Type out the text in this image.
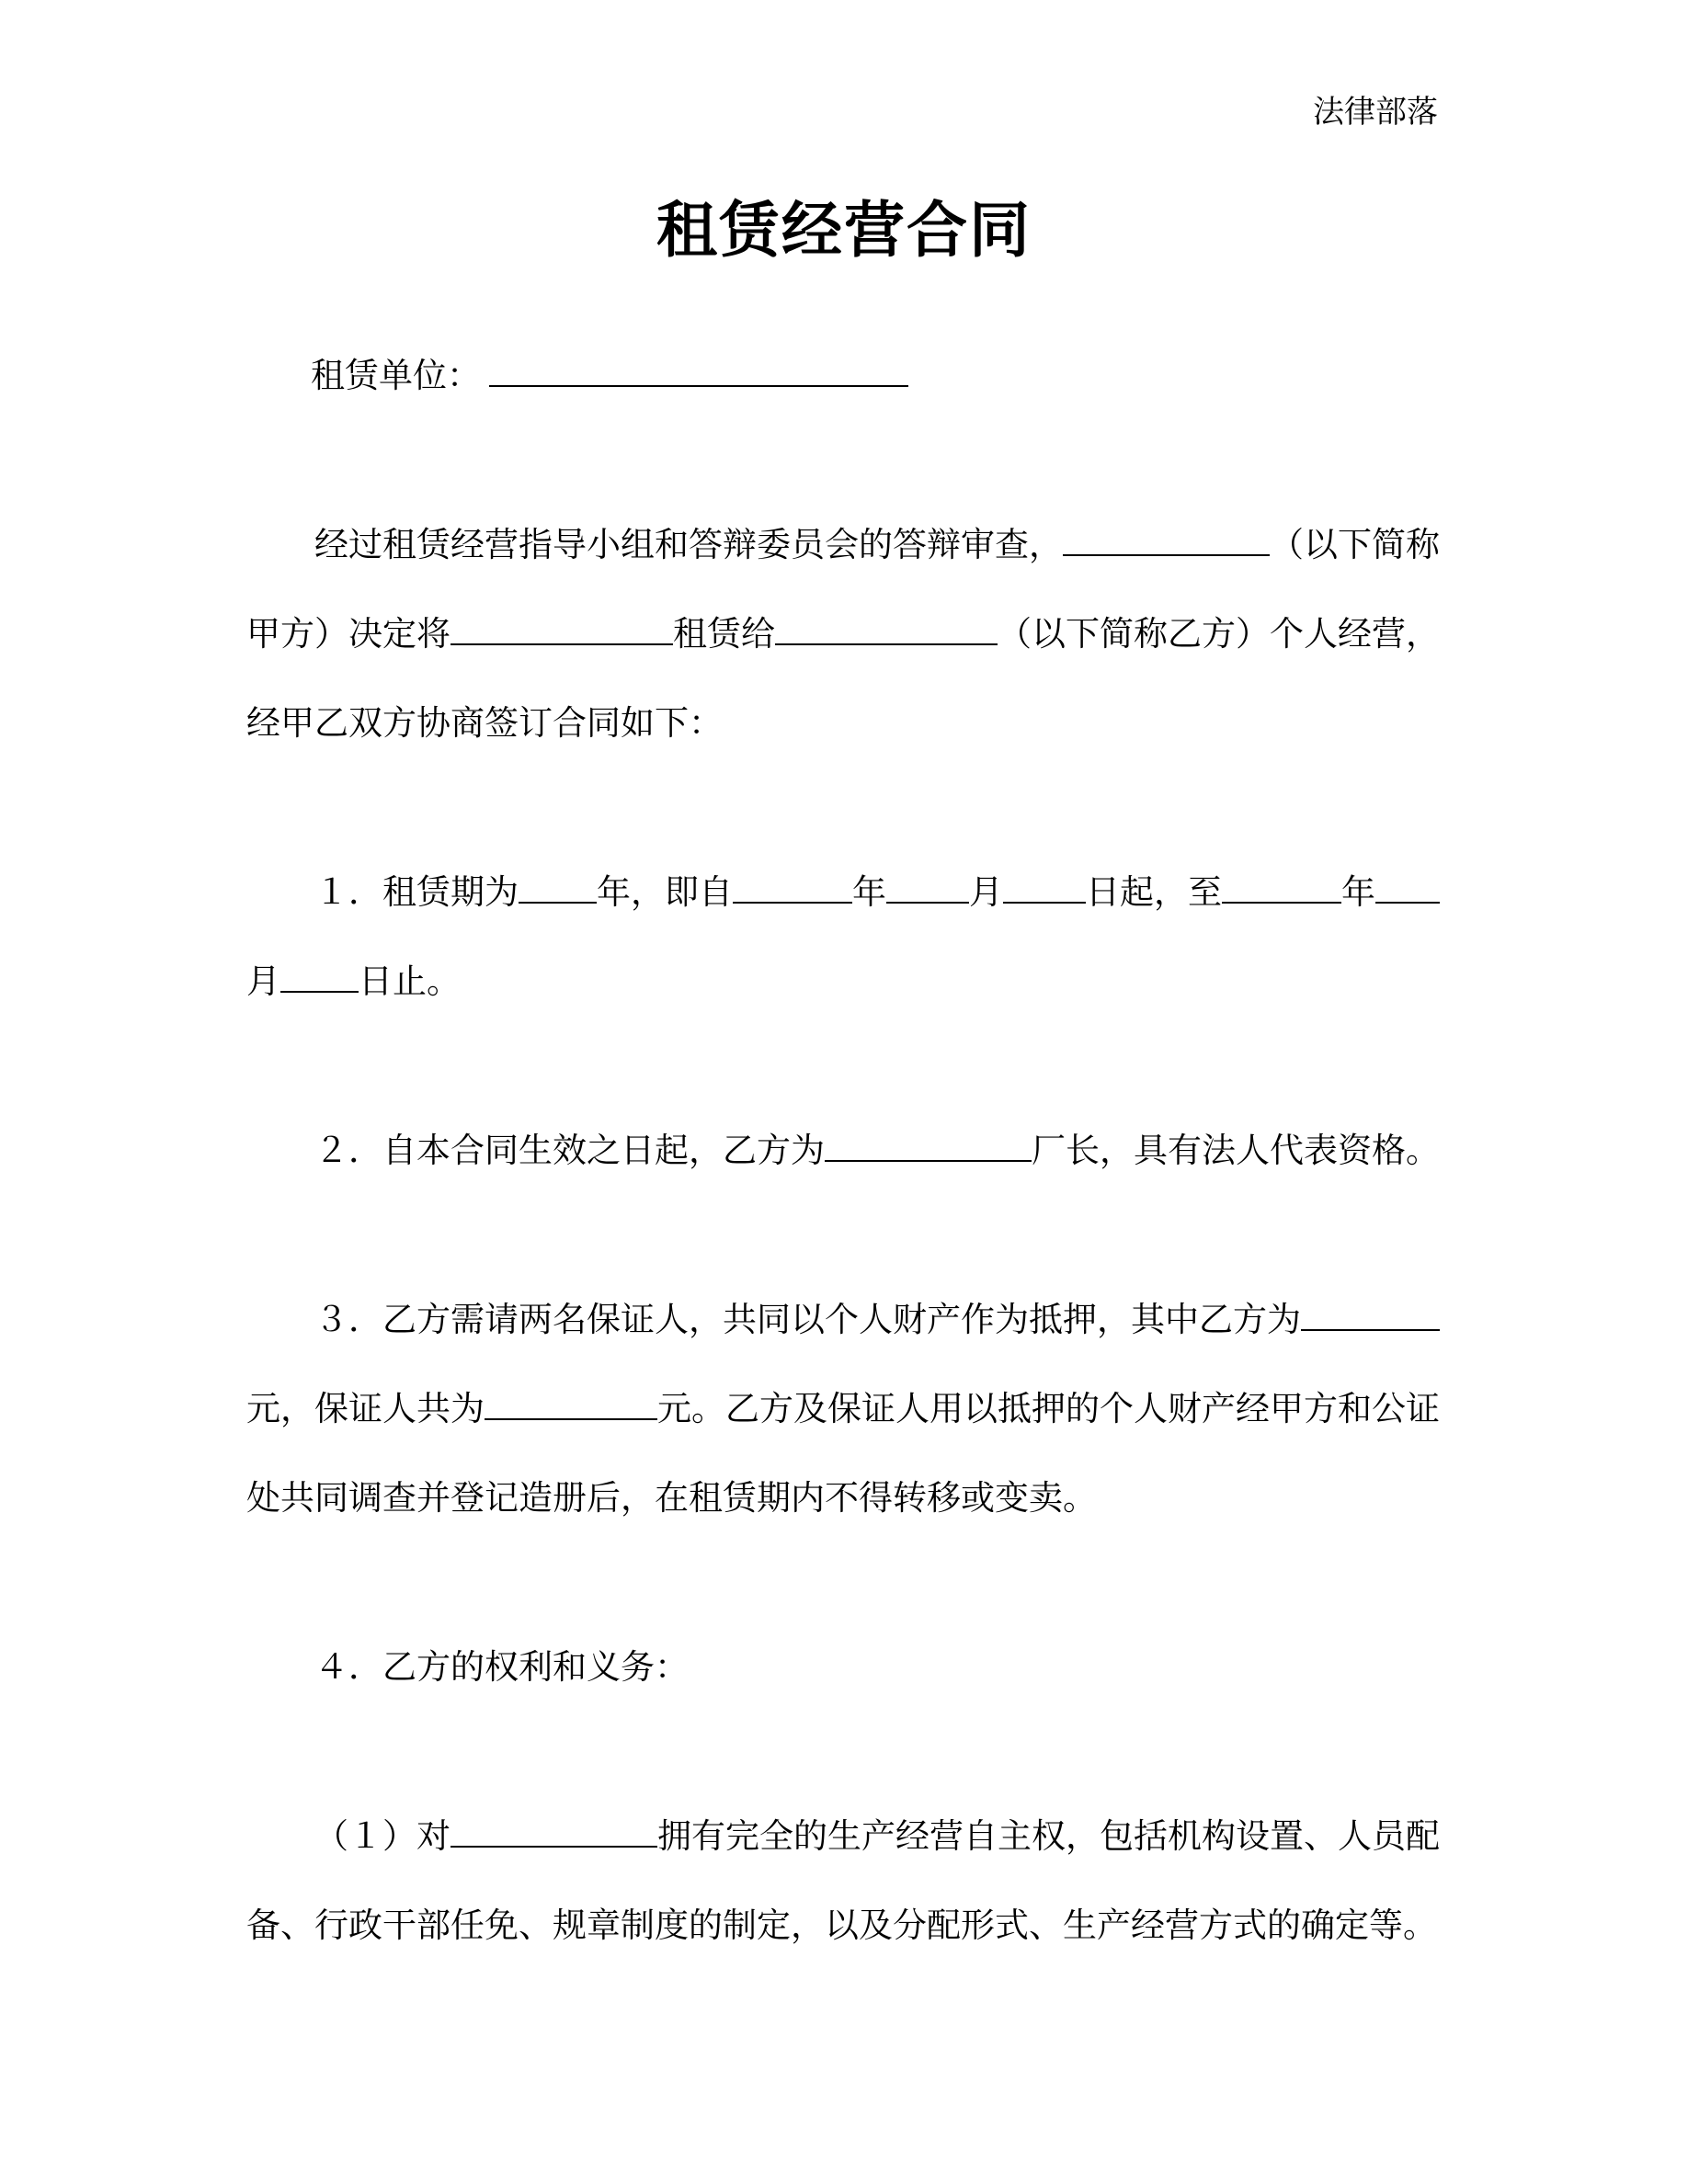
法律部落
租赁经营合同
租赁单位：
经过租赁经营指导小组和答辩委员会的答辩审查，	（以下简称
甲方）决定将	租赁给	（以下简称乙方）个人经营，
经甲乙双方协商签订合同如下：
１．租赁期为 年，即自	年 月 日起，至	年
月 日止。
２．自本合同生效之日起，乙方为	厂长，具有法人代表资格。
３．乙方需请两名保证人，共同以个人财产作为抵押，其中乙方为
元，保证人共为	元。乙方及保证人用以抵押的个人财产经甲方和公证
处共同调查并登记造册后，在租赁期内不得转移或变卖。
４．乙方的权利和义务：
（１）对	拥有完全的生产经营自主权，包括机构设置、人员配
备、行政干部任免、规章制度的制定，以及分配形式、生产经营方式的确定等。
